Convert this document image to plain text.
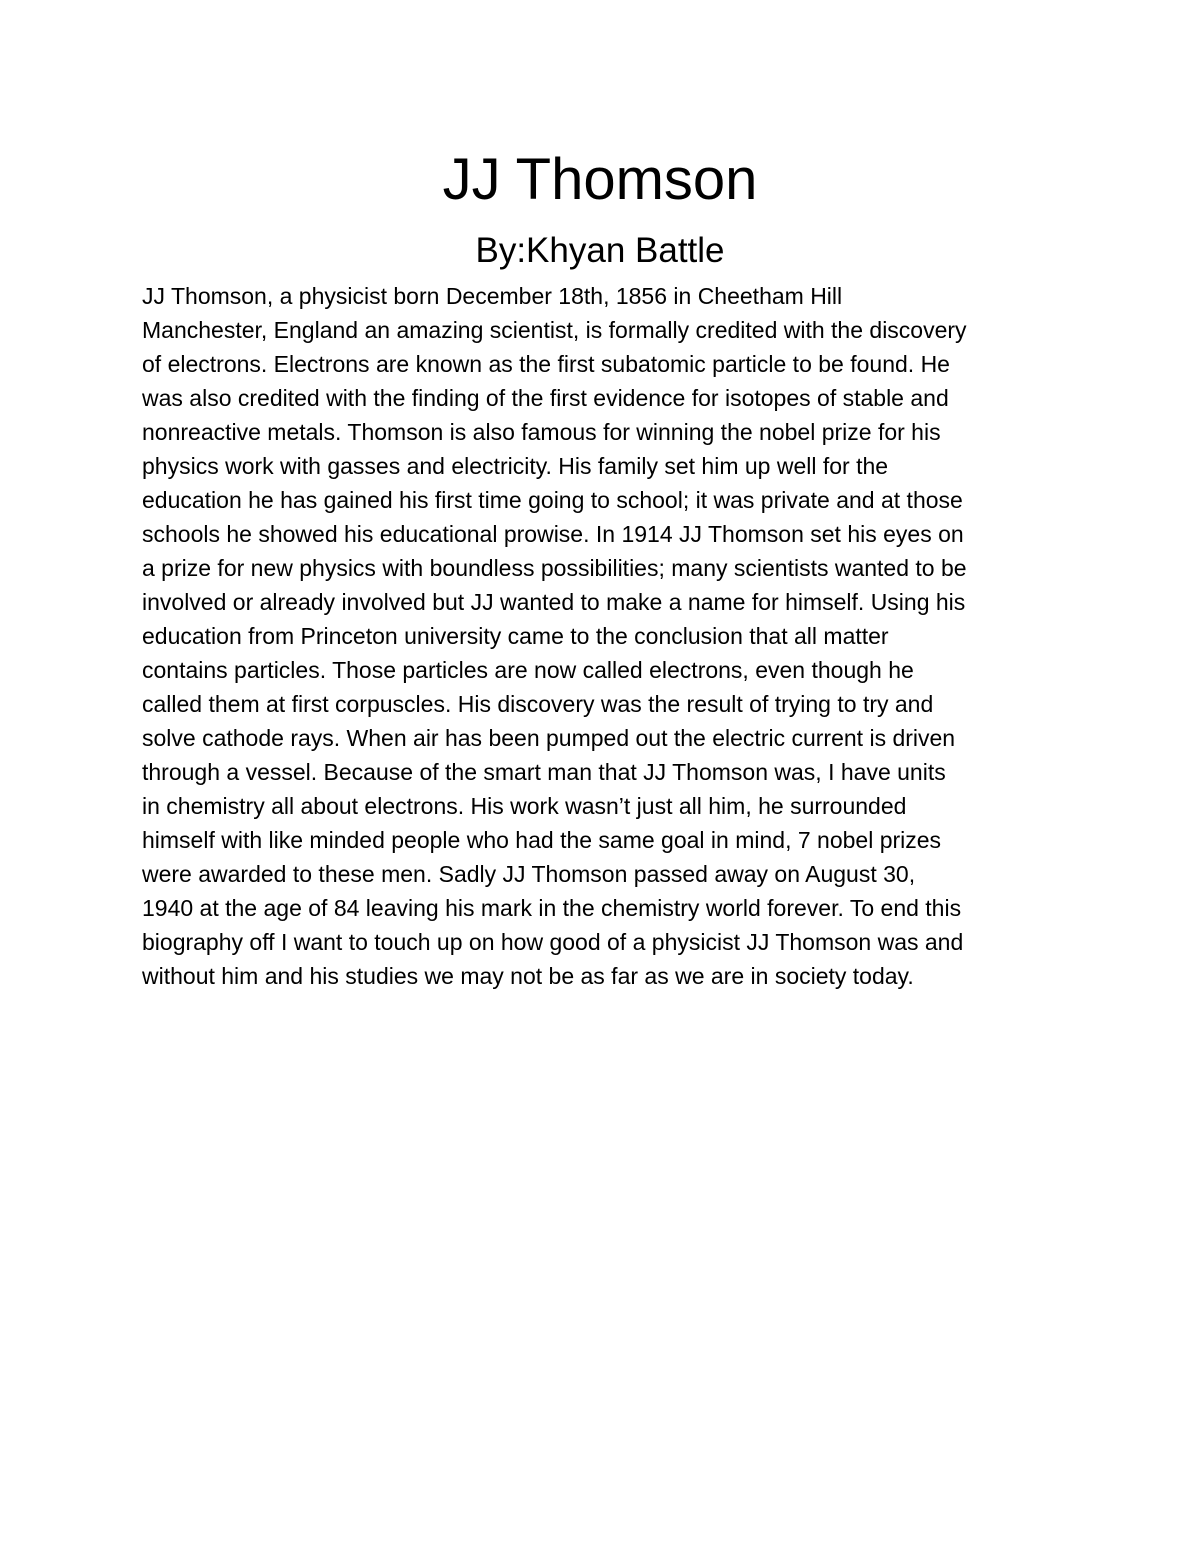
JJ Thomson
By:Khyan Battle
JJ Thomson, a physicist born December 18th, 1856 in Cheetham Hill
Manchester, England an amazing scientist, is formally credited with the discovery
of electrons. Electrons are known as the first subatomic particle to be found. He
was also credited with the finding of the first evidence for isotopes of stable and
nonreactive metals. Thomson is also famous for winning the nobel prize for his
physics work with gasses and electricity. His family set him up well for the
education he has gained his first time going to school; it was private and at those
schools he showed his educational prowise. In 1914 JJ Thomson set his eyes on
a prize for new physics with boundless possibilities; many scientists wanted to be
involved or already involved but JJ wanted to make a name for himself. Using his
education from Princeton university came to the conclusion that all matter
contains particles. Those particles are now called electrons, even though he
called them at first corpuscles. His discovery was the result of trying to try and
solve cathode rays. When air has been pumped out the electric current is driven
through a vessel. Because of the smart man that JJ Thomson was, I have units
in chemistry all about electrons. His work wasn’t just all him, he surrounded
himself with like minded people who had the same goal in mind, 7 nobel prizes
were awarded to these men. Sadly JJ Thomson passed away on August 30,
1940 at the age of 84 leaving his mark in the chemistry world forever. To end this
biography off I want to touch up on how good of a physicist JJ Thomson was and
without him and his studies we may not be as far as we are in society today.
